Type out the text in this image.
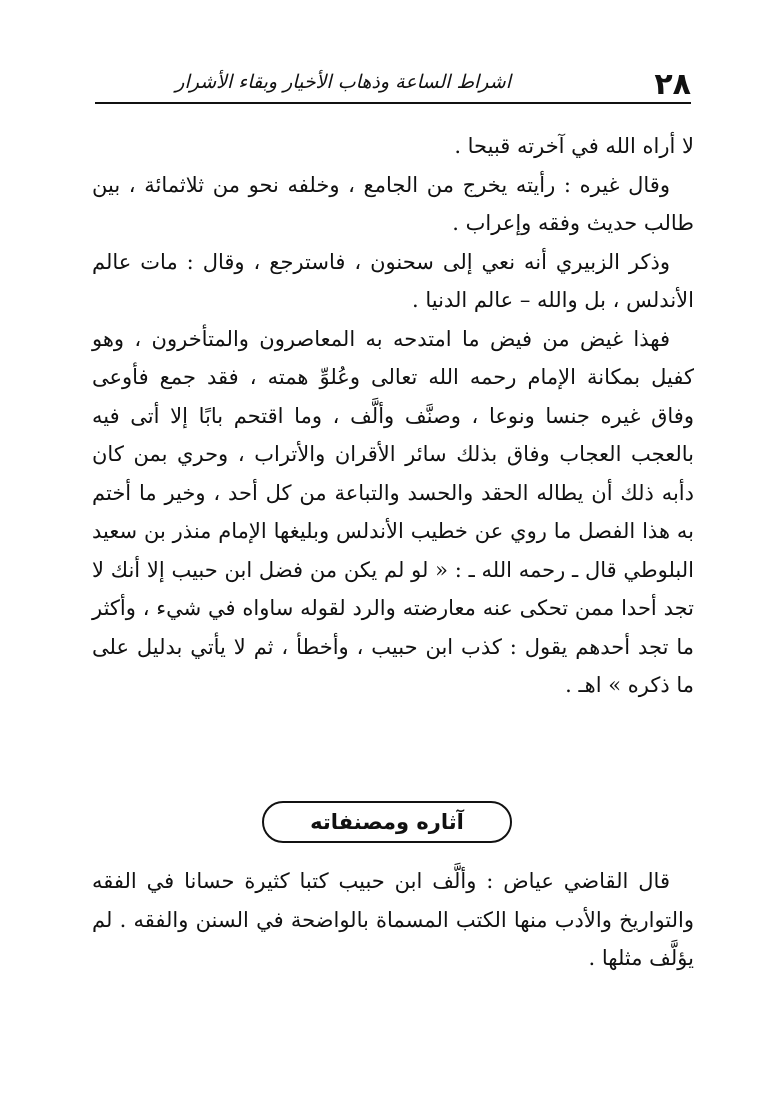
٢٨
اشراط الساعة وذهاب الأخيار وبقاء الأشرار

لا أراه الله في آخرته قبيحا .

وقال غيره : رأيته يخرج من الجامع ، وخلفه نحو من ثلاثمائة ، بين طالب حديث وفقه وإعراب .

وذكر الزبيري أنه نعي إلى سحنون ، فاسترجع ، وقال : مات عالم الأندلس ، بل والله – عالم الدنيا .

فهذا غيض من فيض ما امتدحه به المعاصرون والمتأخرون ، وهو كفيل بمكانة الإمام رحمه الله تعالى وعُلوِّ همته ، فقد جمع فأوعى وفاق غيره جنسا ونوعا ، وصنَّف وألَّف ، وما اقتحم بابًا إلا أتى فيه بالعجب العجاب وفاق بذلك سائر الأقران والأتراب ، وحري بمن كان دأبه ذلك أن يطاله الحقد والحسد والتباعة من كل أحد ، وخير ما أختم به هذا الفصل ما روي عن خطيب الأندلس وبليغها الإمام منذر بن سعيد البلوطي قال ـ رحمه الله ـ : « لو لم يكن من فضل ابن حبيب إلا أنك لا تجد أحدا ممن تحكى عنه معارضته والرد لقوله ساواه في شيء ، وأكثر ما تجد أحدهم يقول : كذب ابن حبيب ، وأخطأ ، ثم لا يأتي بدليل على ما ذكره » اهـ .

آثاره ومصنفاته

قال القاضي عياض : وألَّف ابن حبيب كتبا كثيرة حسانا في الفقه والتواريخ والأدب منها الكتب المسماة بالواضحة في السنن والفقه . لم يؤلَّف مثلها .
